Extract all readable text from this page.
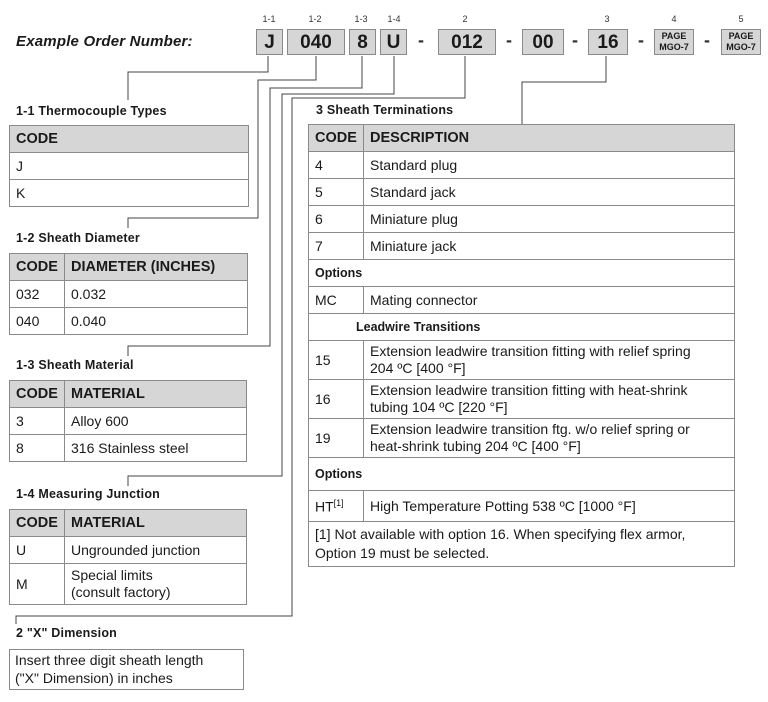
Example Order Number:
1-1	1-2	1-3	1-4	2	3	4	5
J	040	8 U -	012	-	00	-	16	-	PAGE
MGO-7 -	PAGE
MGO-7
1-1 Thermocouple Types
CODE
J
K
1-2 Sheath Diameter
CODE	DIAMETER (INCHES)
032	0.032
040	0.040
1-3 Sheath Material
CODE	MATERIAL
3	Alloy 600
8	316 Stainless steel
1-4 Measuring Junction
CODE	MATERIAL
U	Ungrounded junction
M	Special limits
(consult factory)
2 "X" Dimension
Insert three digit sheath length
("X" Dimension) in inches
3 Sheath Terminations
CODE	DESCRIPTION
4	Standard plug
5	Standard jack
6	Miniature plug
7	Miniature jack
Options	
MC	Mating connector
Leadwire Transitions	
15	Extension leadwire transition fitting with relief spring
204 ºC [400 °F]

16	Extension leadwire transition fitting with heat-shrink
tubing 104 ºC [220 °F]

19	Extension leadwire transition ftg. w/o relief spring or
heat-shrink tubing 204 ºC [400 °F]

Options	
HT[1]	High Temperature Potting 538 ºC [1000 °F]

[1] Not available with option 16. When specifying flex armor,
Option 19 must be selected.	
